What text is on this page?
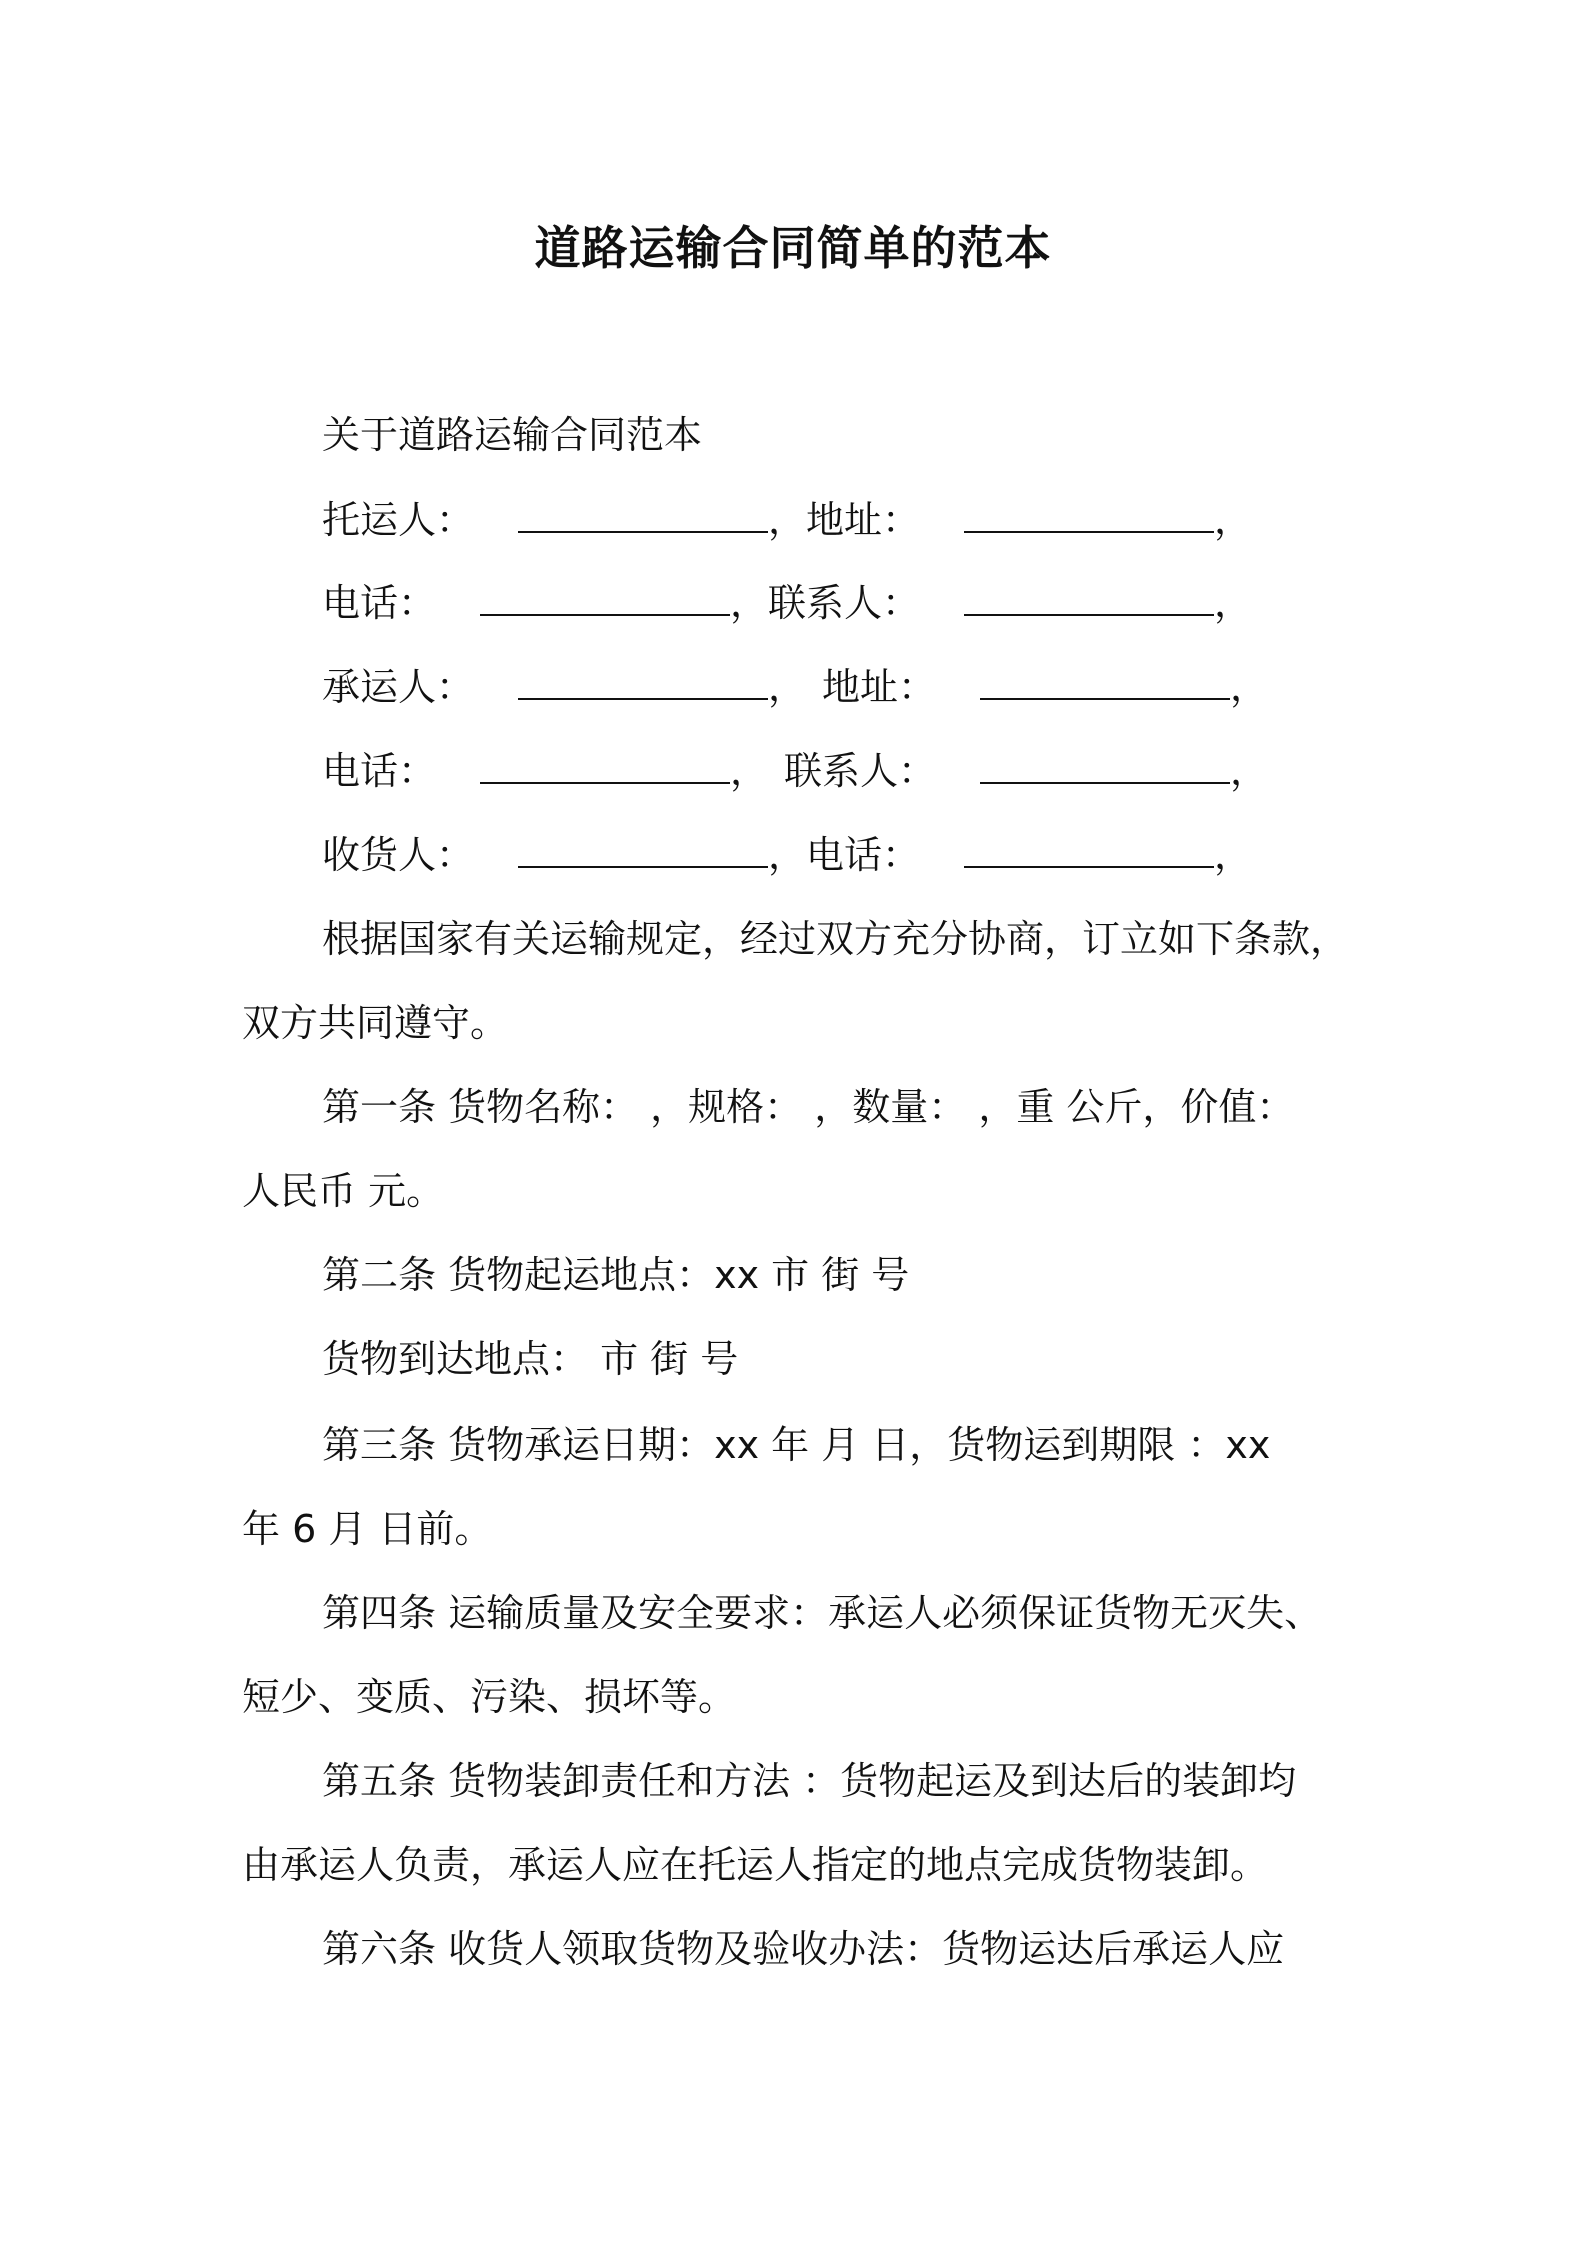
道路运输合同简单的范本
关于道路运输合同范本
托运人：	，地址：	，
电话：	，联系人：	，
承运人：	， 地址：	，
电话：	， 联系人：	，
收货人：	，电话：	，
根据国家有关运输规定，经过双方充分协商，订立如下条款，
双方共同遵守。
第一条 货物名称： ，规格： ，数量： ，重 公斤，价值：
人民币 元。
第二条 货物起运地点：xx 市 街 号
货物到达地点： 市 街 号
第三条 货物承运日期：xx 年 月 日，货物运到期限 ：xx
年 6 月 日前。
第四条 运输质量及安全要求：承运人必须保证货物无灭失、
短少、变质、污染、损坏等。
第五条 货物装卸责任和方法 ：货物起运及到达后的装卸均
由承运人负责，承运人应在托运人指定的地点完成货物装卸。
第六条 收货人领取货物及验收办法：货物运达后承运人应
